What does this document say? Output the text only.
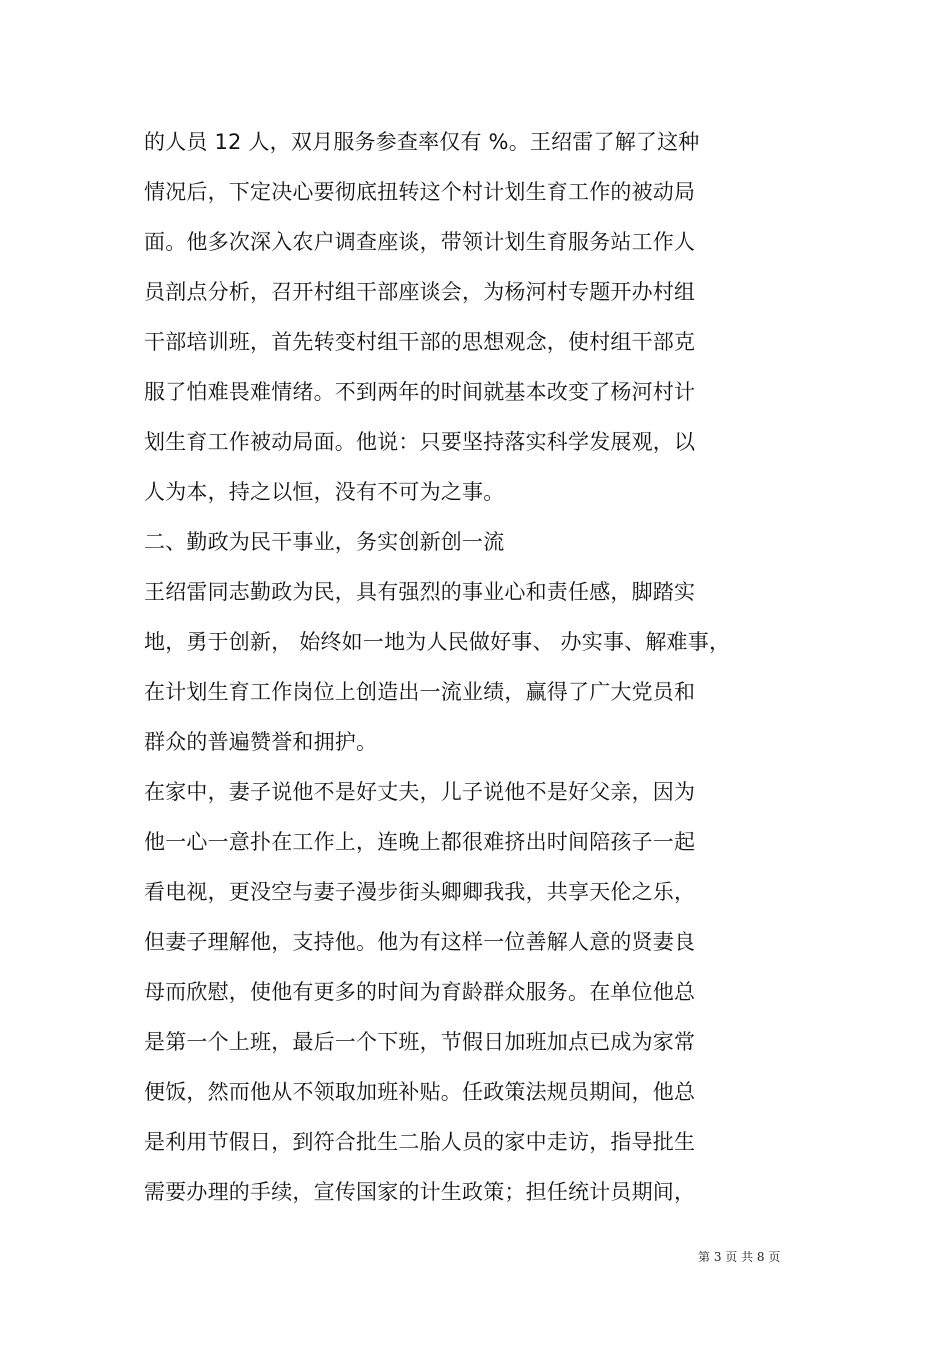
的人员 12 人，双月服务参查率仅有 %。王绍雷了解了这种
情况后，下定决心要彻底扭转这个村计划生育工作的被动局
面。他多次深入农户调查座谈，带领计划生育服务站工作人
员剖点分析，召开村组干部座谈会，为杨河村专题开办村组
干部培训班，首先转变村组干部的思想观念，使村组干部克
服了怕难畏难情绪。不到两年的时间就基本改变了杨河村计
划生育工作被动局面。他说：只要坚持落实科学发展观，以
人为本，持之以恒，没有不可为之事。
二、勤政为民干事业，务实创新创一流
王绍雷同志勤政为民，具有强烈的事业心和责任感，脚踏实
地，勇于创新， 始终如一地为人民做好事、 办实事、解难事，
在计划生育工作岗位上创造出一流业绩，赢得了广大党员和
群众的普遍赞誉和拥护。
在家中，妻子说他不是好丈夫，儿子说他不是好父亲，因为
他一心一意扑在工作上，连晚上都很难挤出时间陪孩子一起
看电视，更没空与妻子漫步街头卿卿我我，共享天伦之乐，
但妻子理解他，支持他。他为有这样一位善解人意的贤妻良
母而欣慰，使他有更多的时间为育龄群众服务。在单位他总
是第一个上班，最后一个下班，节假日加班加点已成为家常
便饭，然而他从不领取加班补贴。任政策法规员期间，他总
是利用节假日，到符合批生二胎人员的家中走访，指导批生
需要办理的手续，宣传国家的计生政策；担任统计员期间，
第 3 页 共 8 页
